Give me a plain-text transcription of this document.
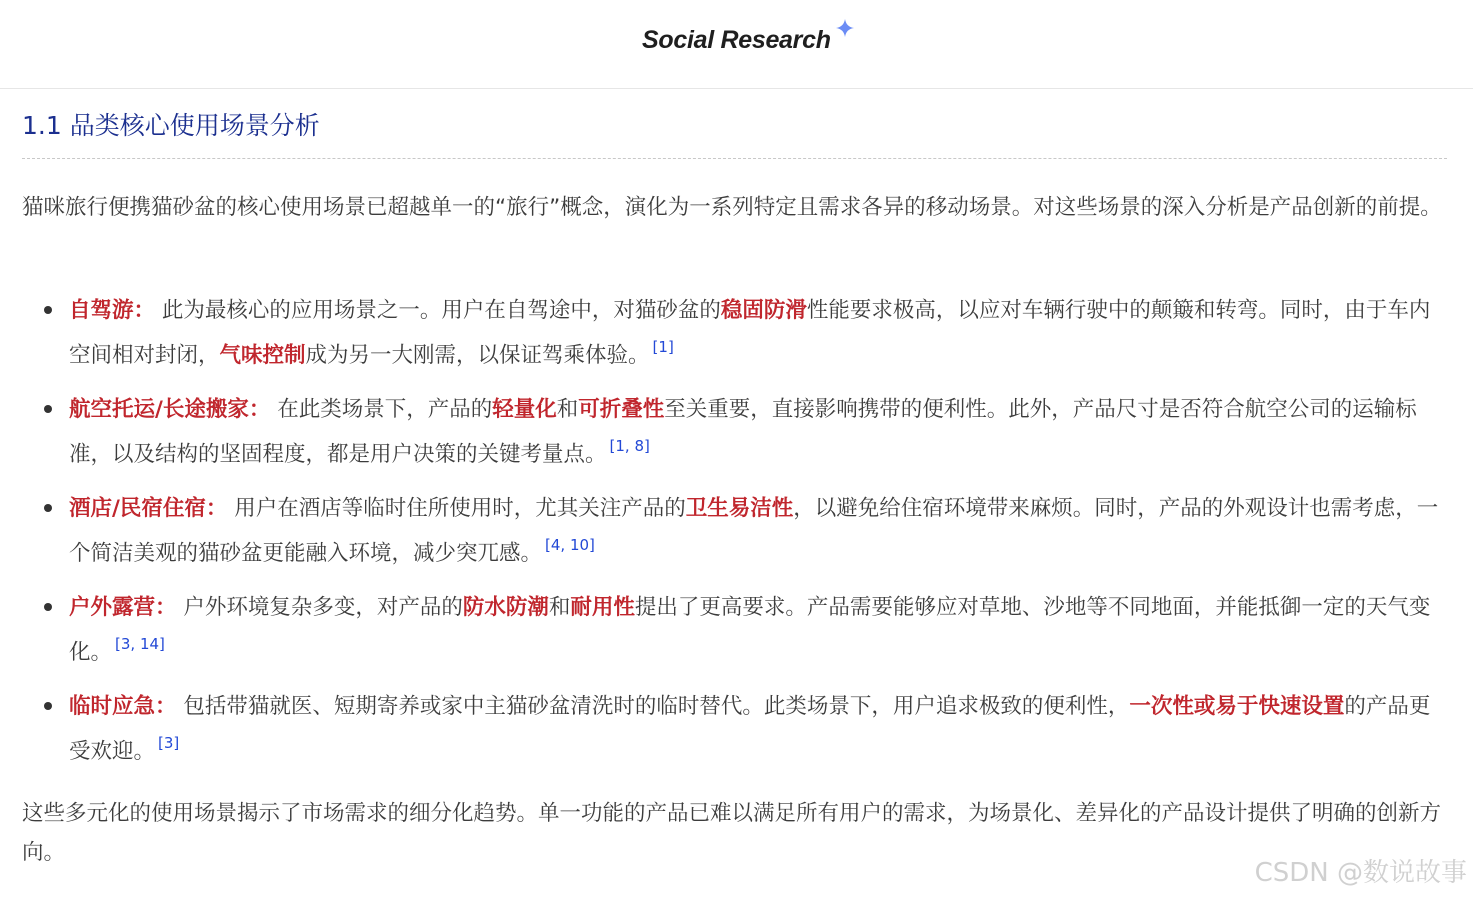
Social Research
1.1 品类核心使用场景分析

猫咪旅行便携猫砂盆的核心使用场景已超越单一的“旅行”概念，演化为一系列特定且需求各异的移动场景。对这些场景的深入分析是产品创新的前提。

自驾游： 此为最核心的应用场景之一。用户在自驾途中，对猫砂盆的稳固防滑性能要求极高，以应对车辆行驶中的颠簸和转弯。同时，由于车内空间相对封闭，气味控制成为另一大刚需，以保证驾乘体验。 [1]
航空托运/长途搬家： 在此类场景下，产品的轻量化和可折叠性至关重要，直接影响携带的便利性。此外，产品尺寸是否符合航空公司的运输标准，以及结构的坚固程度，都是用户决策的关键考量点。 [1, 8]
酒店/民宿住宿： 用户在酒店等临时住所使用时，尤其关注产品的卫生易洁性，以避免给住宿环境带来麻烦。同时，产品的外观设计也需考虑，一个简洁美观的猫砂盆更能融入环境，减少突兀感。 [4, 10]
户外露营： 户外环境复杂多变，对产品的防水防潮和耐用性提出了更高要求。产品需要能够应对草地、沙地等不同地面，并能抵御一定的天气变化。 [3, 14]
临时应急： 包括带猫就医、短期寄养或家中主猫砂盆清洗时的临时替代。此类场景下，用户追求极致的便利性，一次性或易于快速设置的产品更受欢迎。 [3]

这些多元化的使用场景揭示了市场需求的细分化趋势。单一功能的产品已难以满足所有用户的需求，为场景化、差异化的产品设计提供了明确的创新方向。

CSDN @数说故事
